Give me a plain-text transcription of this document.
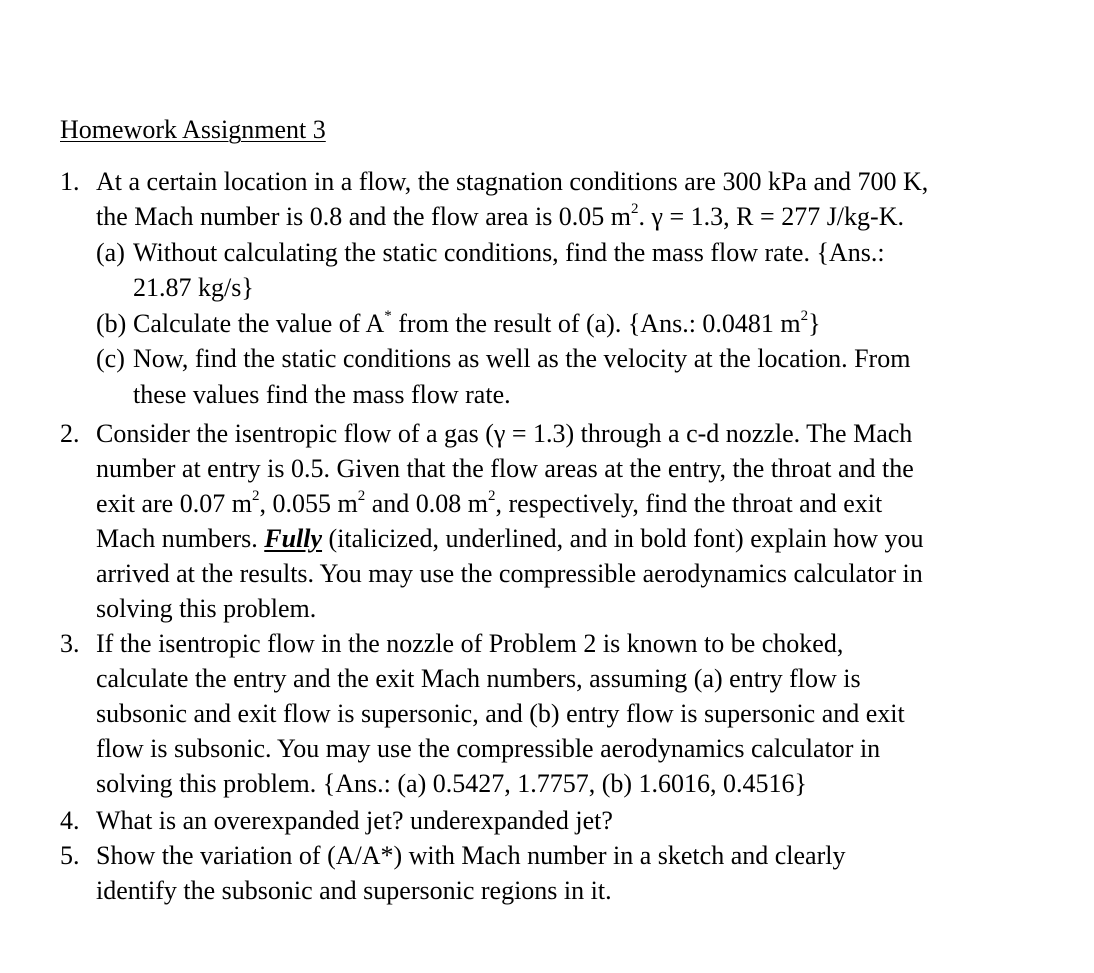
Homework Assignment 3
1. At a certain location in a flow, the stagnation conditions are 300 kPa and 700 K,
the Mach number is 0.8 and the flow area is 0.05 $m^2$. γ = 1.3, R = 277 J/kg-K.
(a) Without calculating the static conditions, find the mass flow rate. {Ans.:
21.87 kg/s}
(b) Calculate the value of A* from the result of (a). {Ans.: 0.0481 $m^2$}
(c) Now, find the static conditions as well as the velocity at the location. From
these values find the mass flow rate.
2. Consider the isentropic flow of a gas (γ = 1.3) through a c-d nozzle. The Mach
number at entry is 0.5. Given that the flow areas at the entry, the throat and the
exit are 0.07 $m^2$, 0.055 $m^2$ and 0.08 $m^2$, respectively, find the throat and exit
Mach numbers. Fully (italicized, underlined, and in bold font) explain how you
arrived at the results. You may use the compressible aerodynamics calculator in
solving this problem.
3. If the isentropic flow in the nozzle of Problem 2 is known to be choked,
calculate the entry and the exit Mach numbers, assuming (a) entry flow is
subsonic and exit flow is supersonic, and (b) entry flow is supersonic and exit
flow is subsonic. You may use the compressible aerodynamics calculator in
solving this problem. {Ans.: (a) 0.5427, 1.7757, (b) 1.6016, 0.4516}
4. What is an overexpanded jet? underexpanded jet?
5. Show the variation of (A/A*) with Mach number in a sketch and clearly
identify the subsonic and supersonic regions in it.
